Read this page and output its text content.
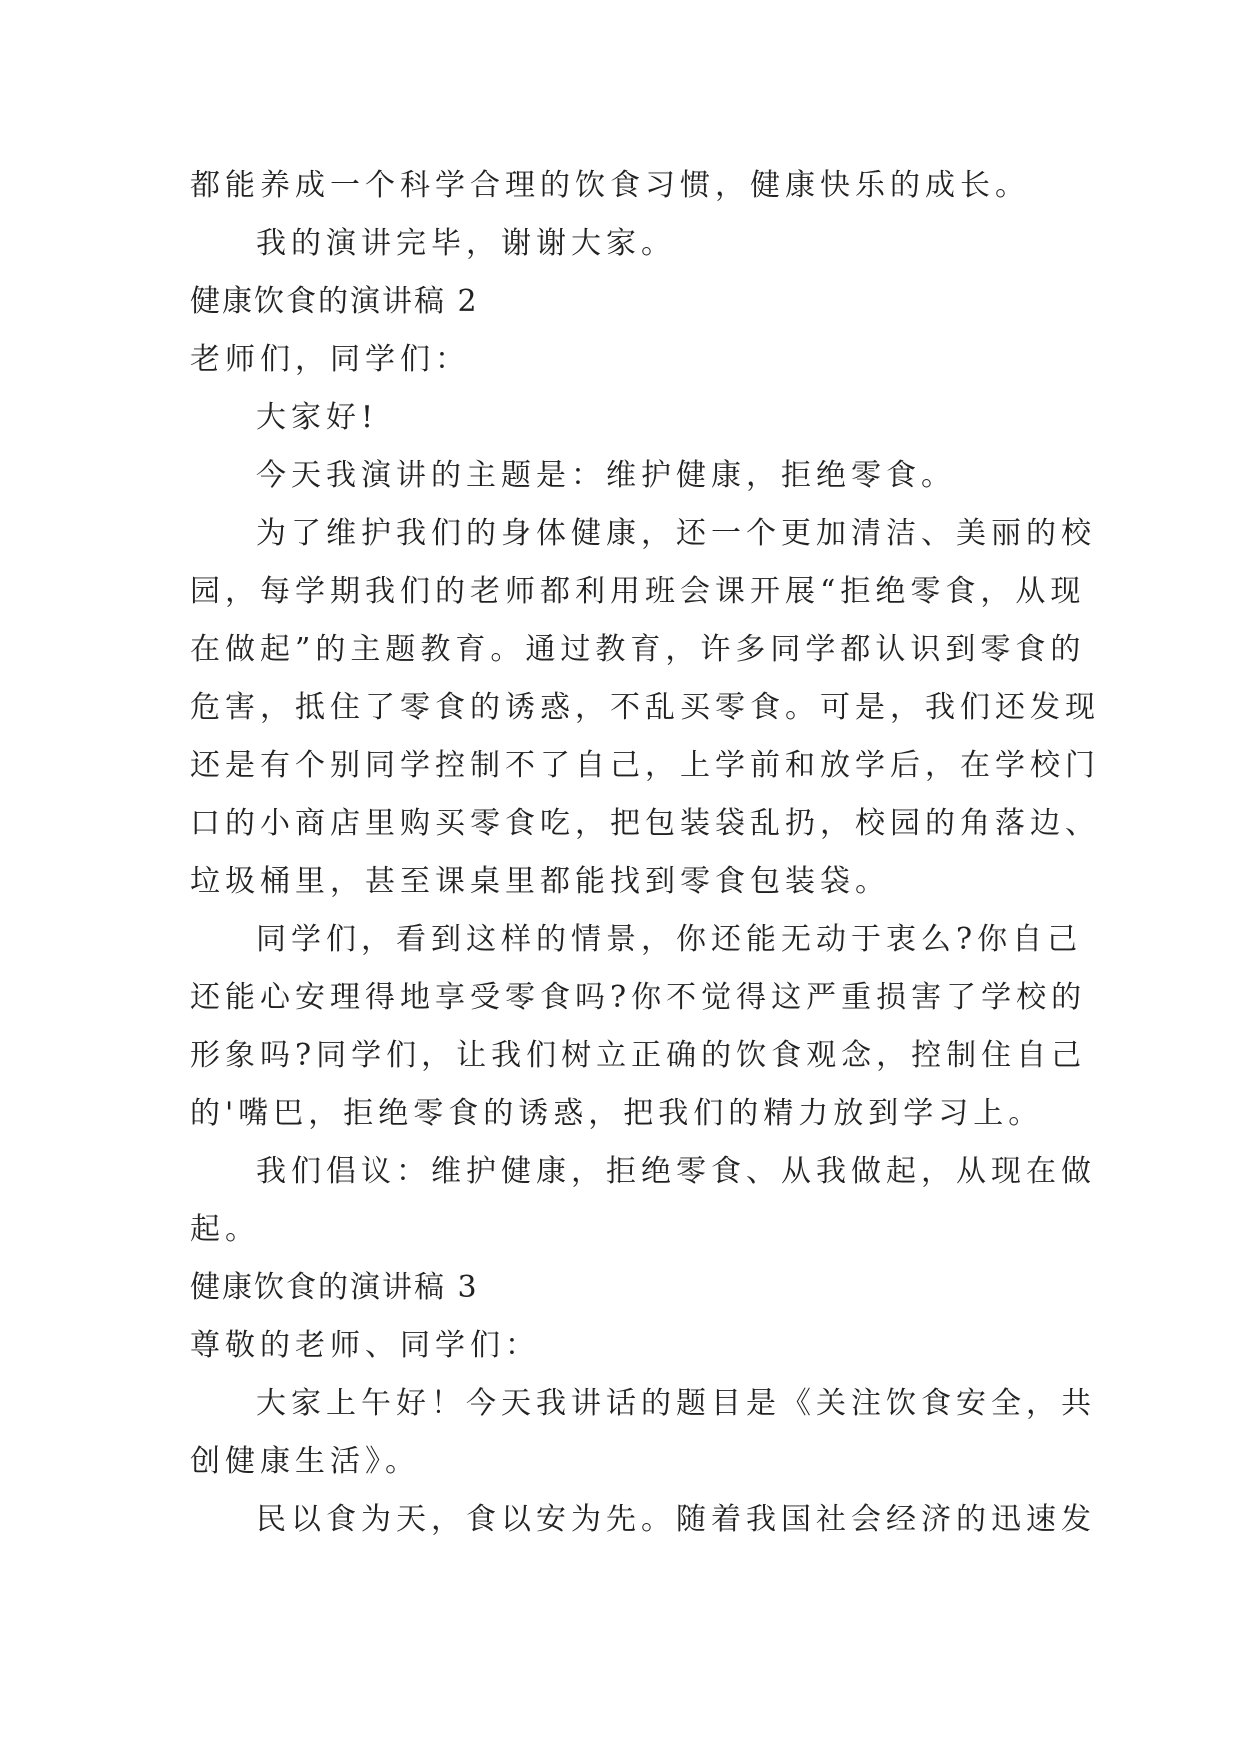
都能养成一个科学合理的饮食习惯，健康快乐的成长。
我的演讲完毕，谢谢大家。
健康饮食的演讲稿 2
老师们，同学们：
大家好!
今天我演讲的主题是：维护健康，拒绝零食。
为了维护我们的身体健康，还一个更加清洁、美丽的校
园，每学期我们的老师都利用班会课开展“拒绝零食，从现
在做起”的主题教育。通过教育，许多同学都认识到零食的
危害，抵住了零食的诱惑，不乱买零食。可是，我们还发现
还是有个别同学控制不了自己，上学前和放学后，在学校门
口的小商店里购买零食吃，把包装袋乱扔，校园的角落边、
垃圾桶里，甚至课桌里都能找到零食包装袋。
同学们，看到这样的情景，你还能无动于衷么?你自己
还能心安理得地享受零食吗?你不觉得这严重损害了学校的
形象吗?同学们，让我们树立正确的饮食观念，控制住自己
的'嘴巴，拒绝零食的诱惑，把我们的精力放到学习上。
我们倡议：维护健康，拒绝零食、从我做起，从现在做
起。
健康饮食的演讲稿 3
尊敬的老师、同学们：
大家上午好！今天我讲话的题目是《关注饮食安全，共
创健康生活》。
民以食为天，食以安为先。随着我国社会经济的迅速发
